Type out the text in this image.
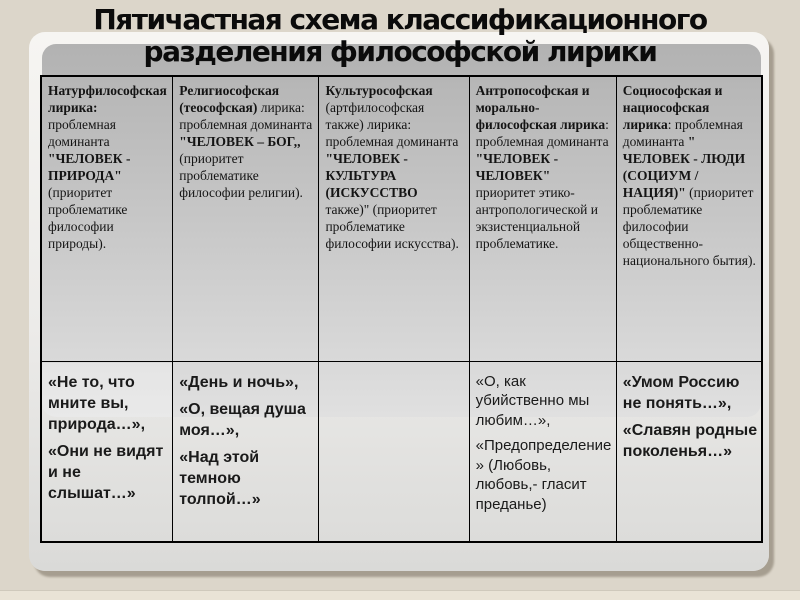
Пятичастная схема классификационного
разделения философской лирики
Натурфилософская лирика: проблемная доминанта "ЧЕЛОВЕК - ПРИРОДА" (приоритет проблематике философии природы).
Религиософская (теософская) лирика: проблемная доминанта "ЧЕЛОВЕК – БОГ,, (приоритет проблематике философии религии).
Культурософская (артфилософская также) лирика: проблемная доминанта "ЧЕЛОВЕК - КУЛЬТУРА (ИСКУССТВО также)" (приоритет проблематике философии искусства).
Антропософская и морально-философская лирика: проблемная доминанта "ЧЕЛОВЕК - ЧЕЛОВЕК" приоритет этико-антропологической и экзистенциальной проблематике.
Социософская и нациософская лирика: проблемная доминанта " ЧЕЛОВЕК - ЛЮДИ (СОЦИУМ / НАЦИЯ)" (приоритет проблематике философии общественно-национального бытия).

«Не то, что мните вы, природа…»,

«Они не видят и не слышат…»

«День и ночь»,

«О, вещая душа моя…»,

«Над этой темною толпой…»

«О, как убийственно мы любим…»,

«Предопределение» (Любовь, любовь,- гласит преданье)

«Умом Россию не понять…»,

«Славян родные поколенья…»
